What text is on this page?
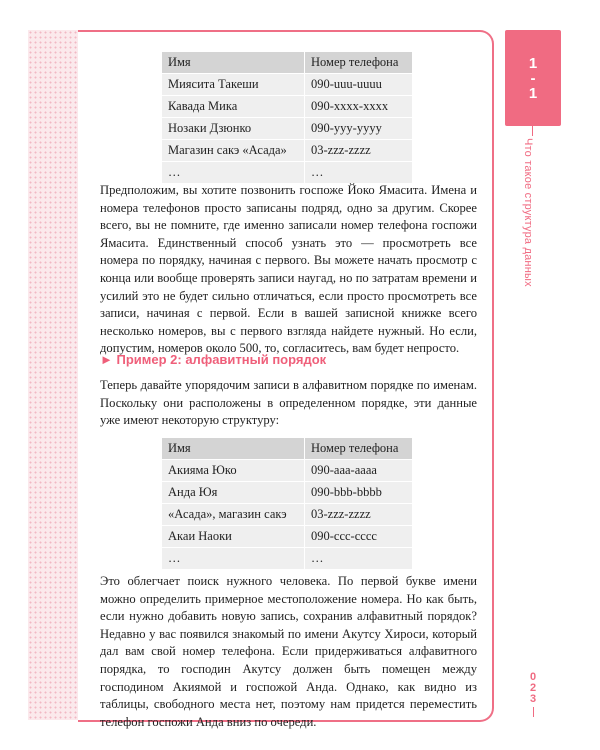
1
-
1
Что такое структура данных
0
2
3
Имя	Номер телефона
Миясита Такеши	090-uuu-uuuu
Кавада Мика	090-xxxx-xxxx
Нозаки Дзюнко	090-yyy-yyyy
Магазин сакэ «Асада»	03-zzz-zzzz
…	…
Предположим, вы хотите позвонить госпоже Йоко Ямасита. Имена и номера телефонов просто записаны подряд, одно за другим. Скорее всего, вы не помните, где именно записали номер телефона госпожи Ямасита. Единственный способ узнать это — просмотреть все номера по порядку, начиная с первого. Вы можете начать просмотр с конца или вообще проверять записи наугад, но по затратам времени и усилий это не будет сильно отличаться, если просто просмотреть все записи, начиная с первой. Если в вашей записной книжке всего несколько номеров, вы с первого взгляда найдете нужный. Но если, допустим, номеров около 500, то, согласитесь, вам будет непросто.
► Пример 2: алфавитный порядок
Теперь давайте упорядочим записи в алфавитном порядке по именам. Поскольку они расположены в определенном порядке, эти данные уже имеют некоторую структуру:
Имя	Номер телефона
Акияма Юко	090-aaa-aaaa
Анда Юя	090-bbb-bbbb
«Асада», магазин сакэ	03-zzz-zzzz
Акаи Наоки	090-ccc-cccc
…	…
Это облегчает поиск нужного человека. По первой букве имени можно определить примерное местоположение номера. Но как быть, если нужно добавить новую запись, сохранив алфавитный порядок? Недавно у вас появился знакомый по имени Акутсу Хироси, который дал вам свой номер телефона. Если придерживаться алфавитного порядка, то господин Акутсу должен быть помещен между господином Акиямой и госпожой Анда. Однако, как видно из таблицы, свободного места нет, поэтому нам придется переместить телефон госпожи Анда вниз по очереди.
